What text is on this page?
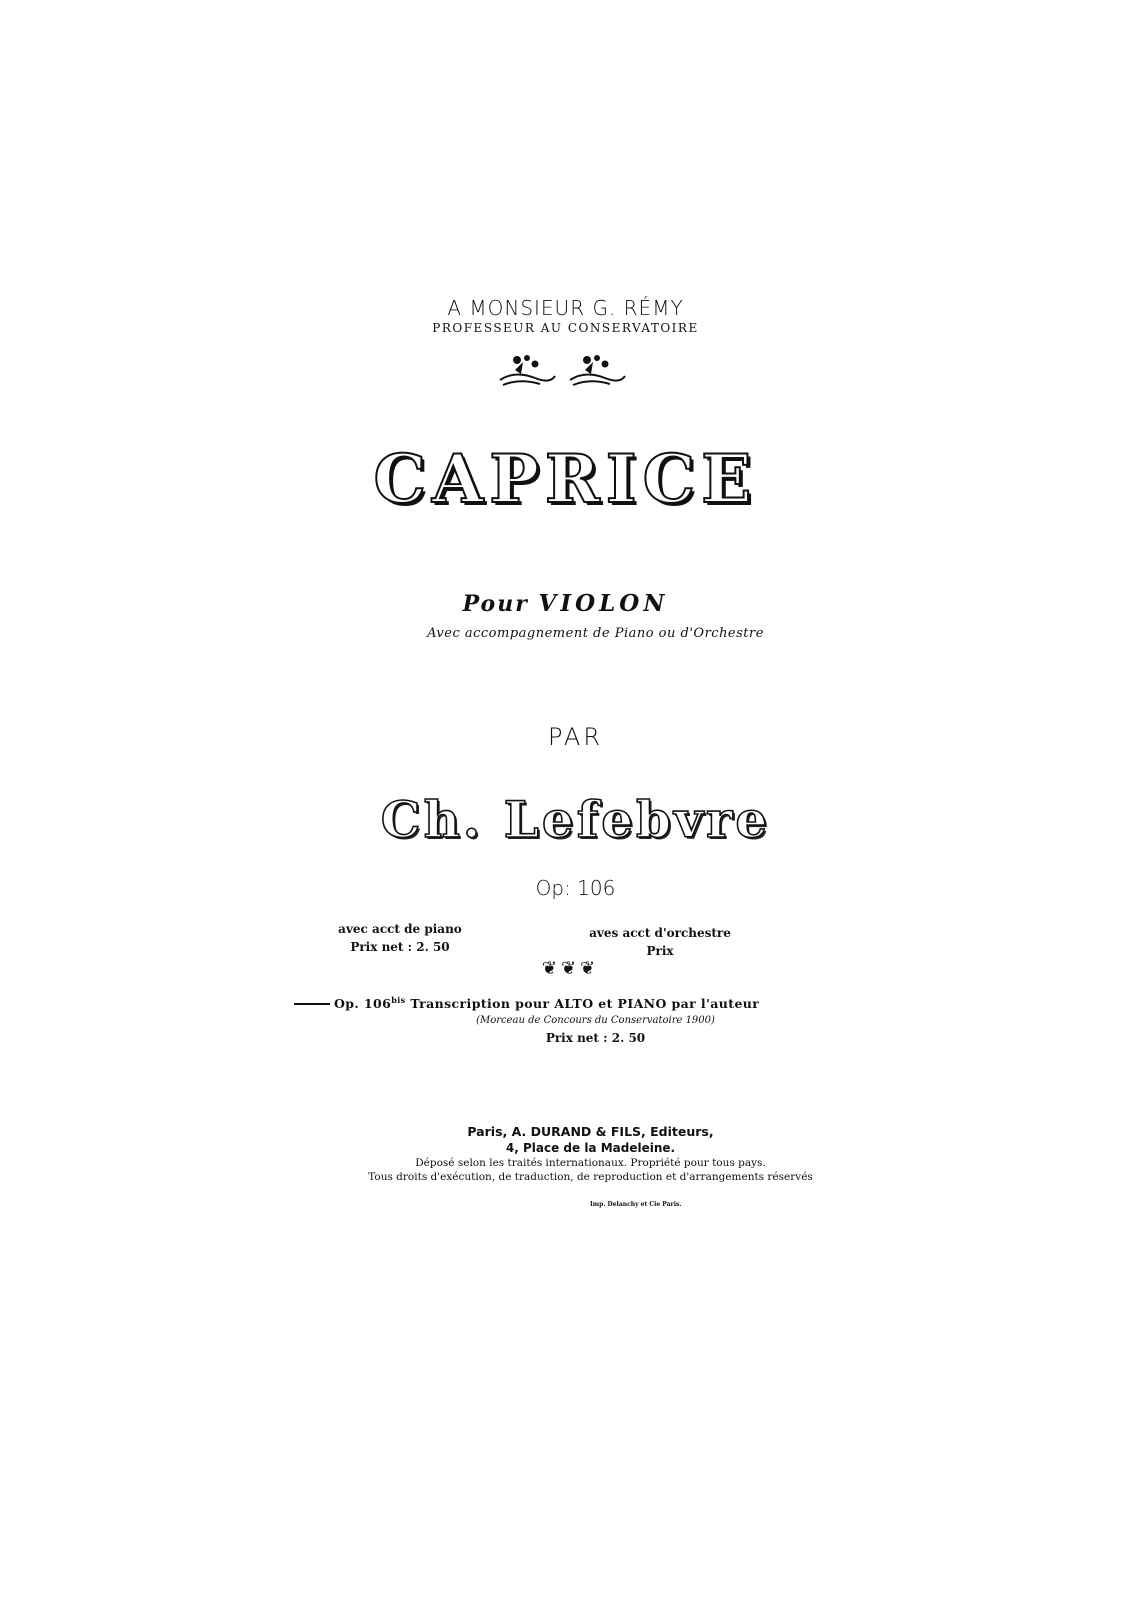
A MONSIEUR G. RÉMY
PROFESSEUR AU CONSERVATOIRE
CAPRICE
Pour VIOLON
Avec accompagnement de Piano ou d'Orchestre
PAR
Ch. Lefebvre
Op: 106
avec acct de piano
Prix net : 2. 50
aves acct d'orchestre
Prix
❦❦❦
Op. $106^{bis}$ Transcription pour ALTO et PIANO par l'auteur
(Morceau de Concours du Conservatoire 1900)
Prix net : 2. 50
Paris, A. DURAND & FILS, Editeurs,
4, Place de la Madeleine.
Déposé selon les traités internationaux. Propriété pour tous pays.
Tous droits d'exécution, de traduction, de reproduction et d'arrangements réservés
Imp. Delanchy et Cie Paris.
